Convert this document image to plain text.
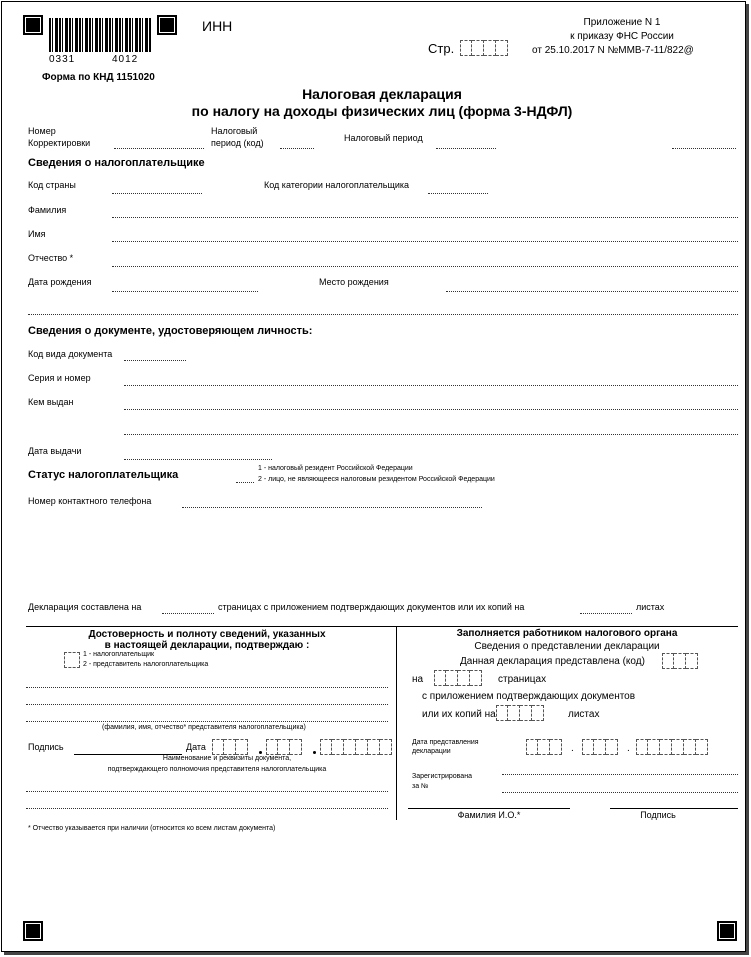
0331	4012
Форма по КНД 1151020
ИНН
Стр.
Приложение N 1
к приказу ФНС России
от 25.10.2017 N №ММВ-7-11/822@
Налоговая декларация
по налогу на доходы физических лиц (форма 3-НДФЛ)
Номер
Корректировки
Налоговый
период (код)	Налоговый период
Сведения о налогоплательщике
Код страны	Код категории налогоплательщика
Фамилия
Имя
Отчество *
Дата рождения	Место рождения
Сведения о документе, удостоверяющем личность:
Код вида документа
Серия и номер
Кем выдан
Дата выдачи
Статус налогоплательщика
1 - налоговый резидент Российской Федерации
2 - лицо, не являющееся налоговым резидентом Российской Федерации
Номер контактного телефона
Декларация составлена на	страницах с приложением подтверждающих документов или их копий на	листах
Достоверность и полноту сведений, указанных
в настоящей декларации, подтверждаю :
1 - налогоплательщик
2 - представитель налогоплательщика
(фамилия, имя, отчество* представителя налогоплательщика)
Подпись	Дата
Наименование и реквизиты документа,
подтверждающего полномочия представителя налогоплательщика
Заполняется работником налогового органа
Сведения о представлении декларации
Данная декларация представлена (код)
на	страницах
с приложением подтверждающих документов
или их копий на	листах
Дата представления
декларации	.	.
Зарегистрирована
за №
Фамилия И.О.*	Подпись
* Отчество указывается при наличии (относится ко всем листам документа)
